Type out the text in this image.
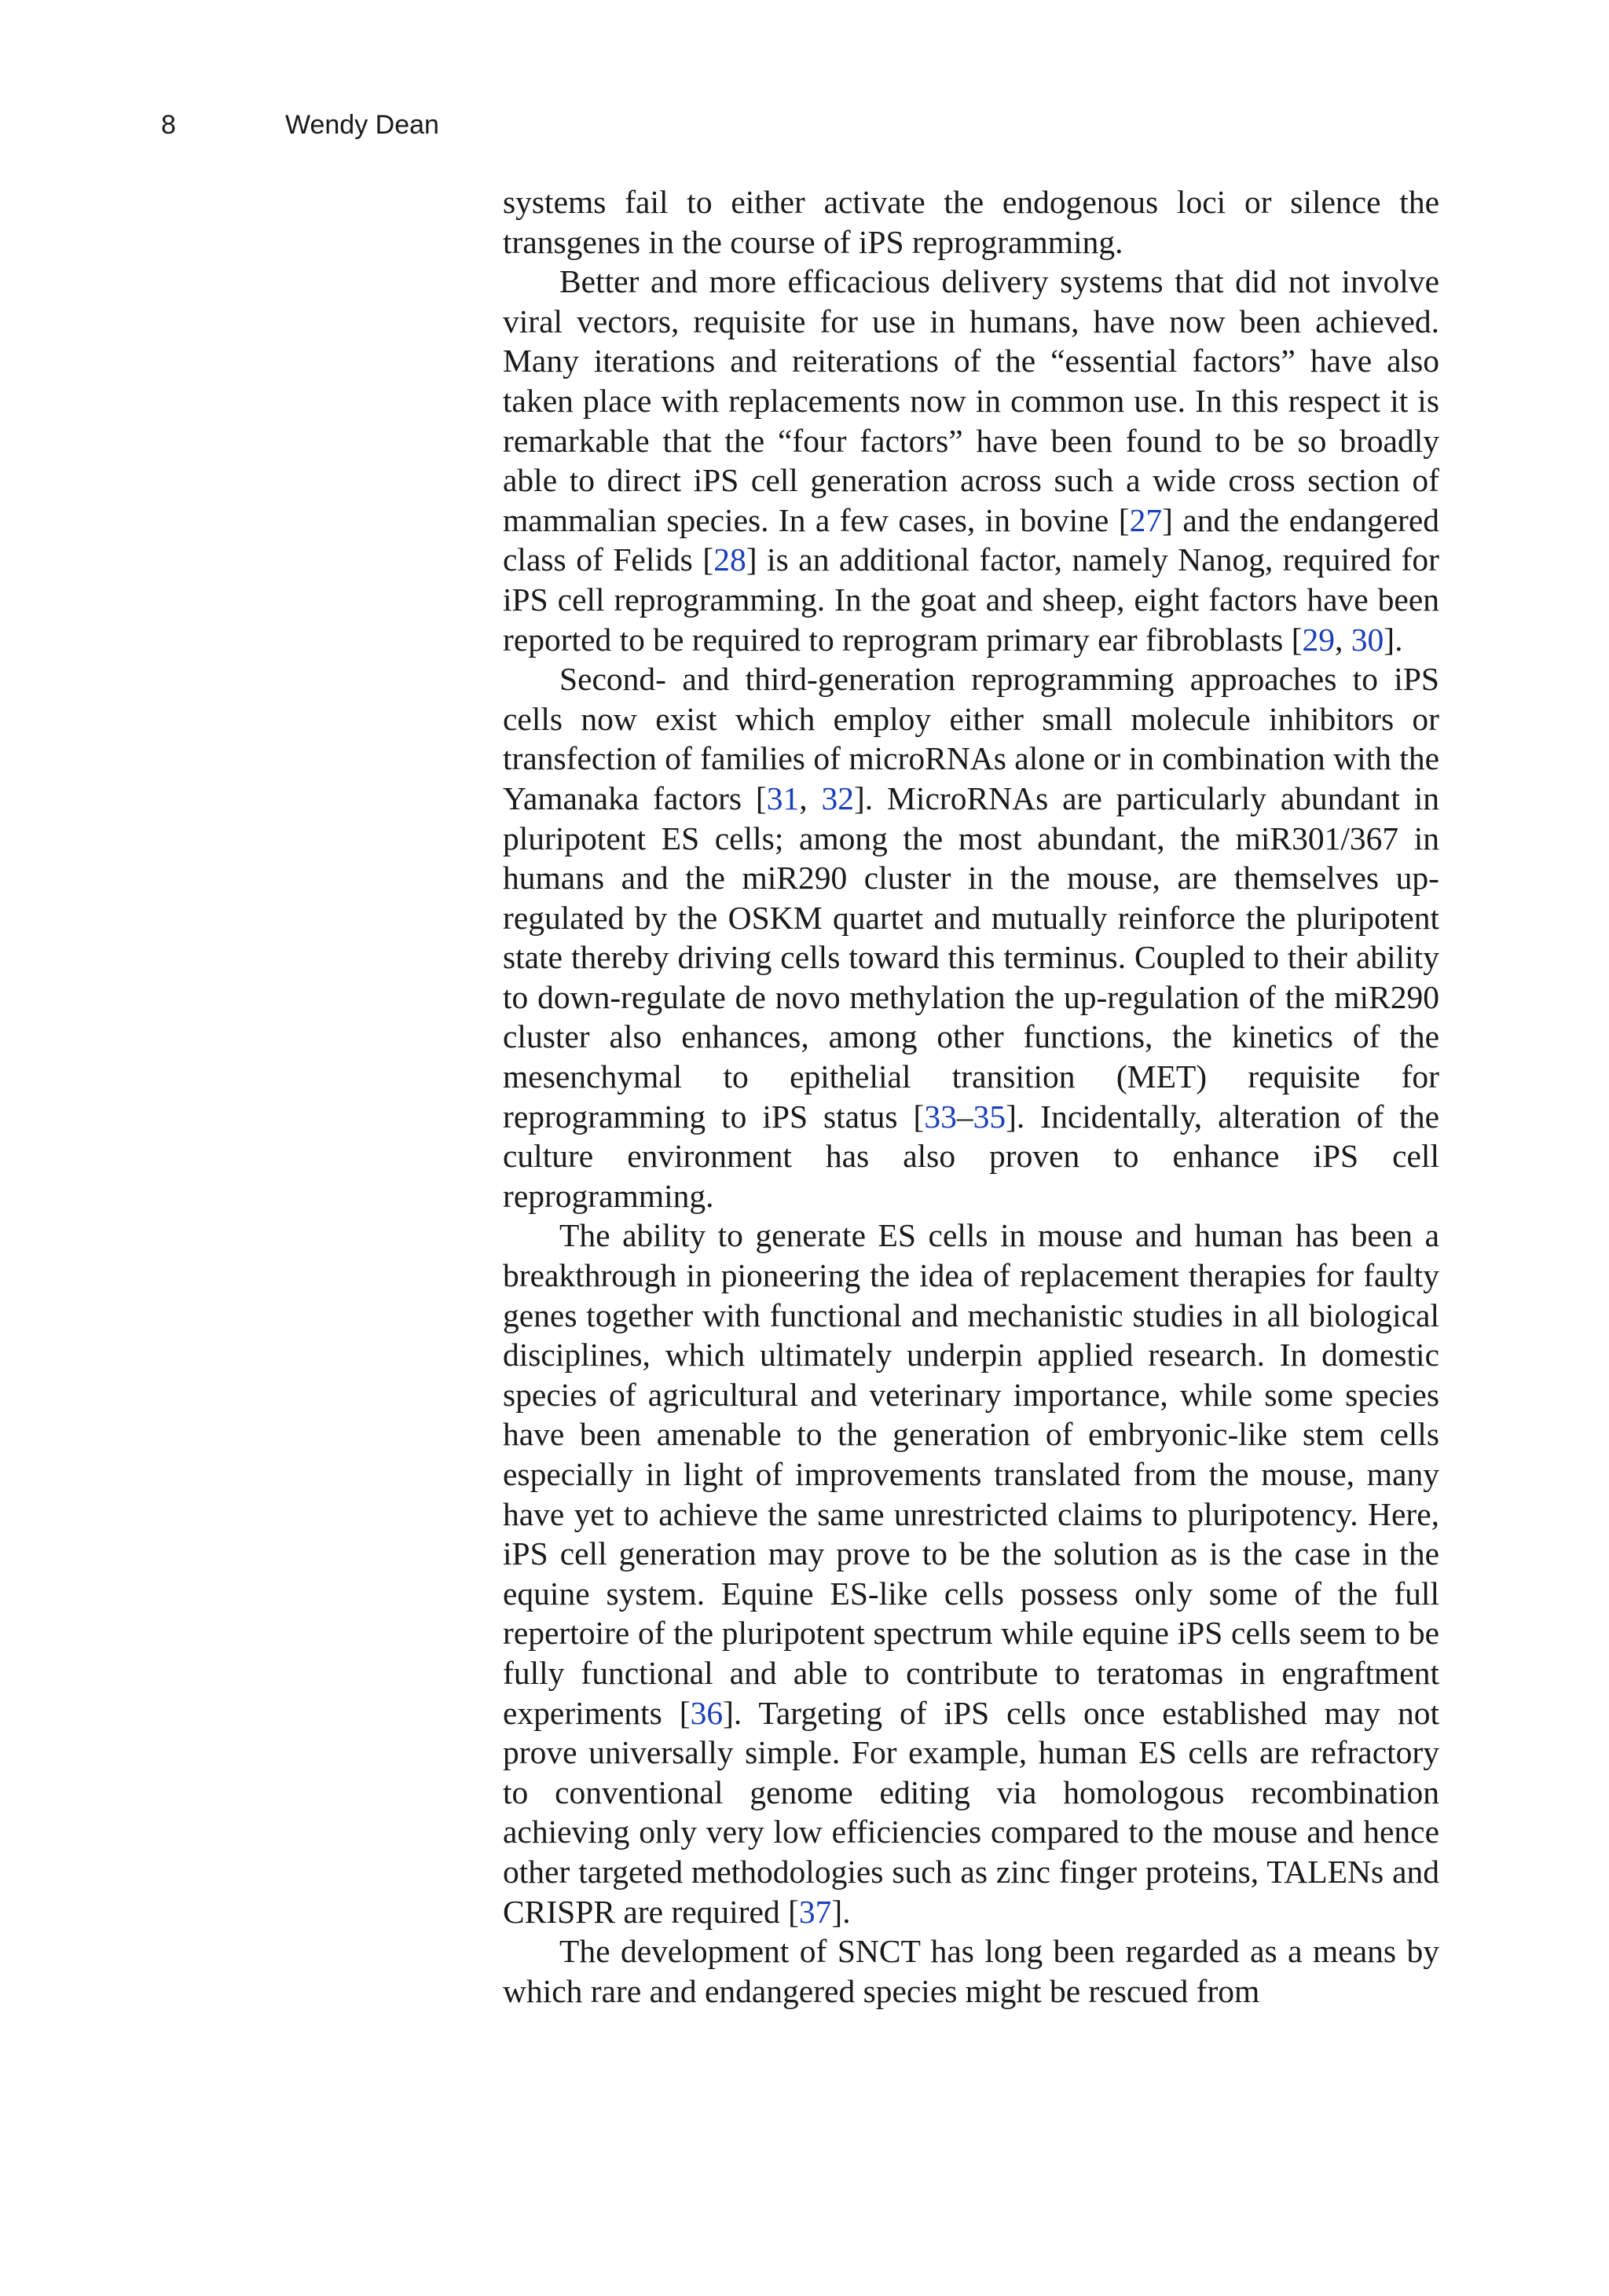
8	Wendy Dean

systems fail to either activate the endogenous loci or silence the transgenes in the course of iPS reprogramming.

Better and more efficacious delivery systems that did not involve viral vectors, requisite for use in humans, have now been achieved. Many iterations and reiterations of the “essential factors” have also taken place with replacements now in common use. In this respect it is remarkable that the “four factors” have been found to be so broadly able to direct iPS cell generation across such a wide cross section of mammalian species. In a few cases, in bovine [27] and the endangered class of Felids [28] is an additional factor, namely Nanog, required for iPS cell reprogramming. In the goat and sheep, eight factors have been reported to be required to reprogram primary ear fibroblasts [29, 30].

Second- and third-generation reprogramming approaches to iPS cells now exist which employ either small molecule inhibitors or transfection of families of microRNAs alone or in combination with the Yamanaka factors [31, 32]. MicroRNAs are particularly abundant in pluripotent ES cells; among the most abundant, the miR301/367 in humans and the miR290 cluster in the mouse, are themselves up-regulated by the OSKM quartet and mutually reinforce the pluripotent state thereby driving cells toward this terminus. Coupled to their ability to down-regulate de novo methylation the up-regulation of the miR290 cluster also enhances, among other functions, the kinetics of the mesenchymal to epithelial transition (MET) requisite for reprogramming to iPS status [33–35]. Incidentally, alteration of the culture environment has also proven to enhance iPS cell reprogramming.

The ability to generate ES cells in mouse and human has been a breakthrough in pioneering the idea of replacement therapies for faulty genes together with functional and mechanistic studies in all biological disciplines, which ultimately underpin applied research. In domestic species of agricultural and veterinary importance, while some species have been amenable to the generation of embryonic-like stem cells especially in light of improvements translated from the mouse, many have yet to achieve the same unrestricted claims to pluripotency. Here, iPS cell generation may prove to be the solution as is the case in the equine system. Equine ES-like cells possess only some of the full repertoire of the pluripotent spectrum while equine iPS cells seem to be fully functional and able to contribute to teratomas in engraftment experiments [36]. Targeting of iPS cells once established may not prove universally simple. For example, human ES cells are refractory to conventional genome editing via homologous recombination achieving only very low efficiencies compared to the mouse and hence other targeted methodologies such as zinc finger proteins, TALENs and CRISPR are required [37].

The development of SNCT has long been regarded as a means by which rare and endangered species might be rescued from
